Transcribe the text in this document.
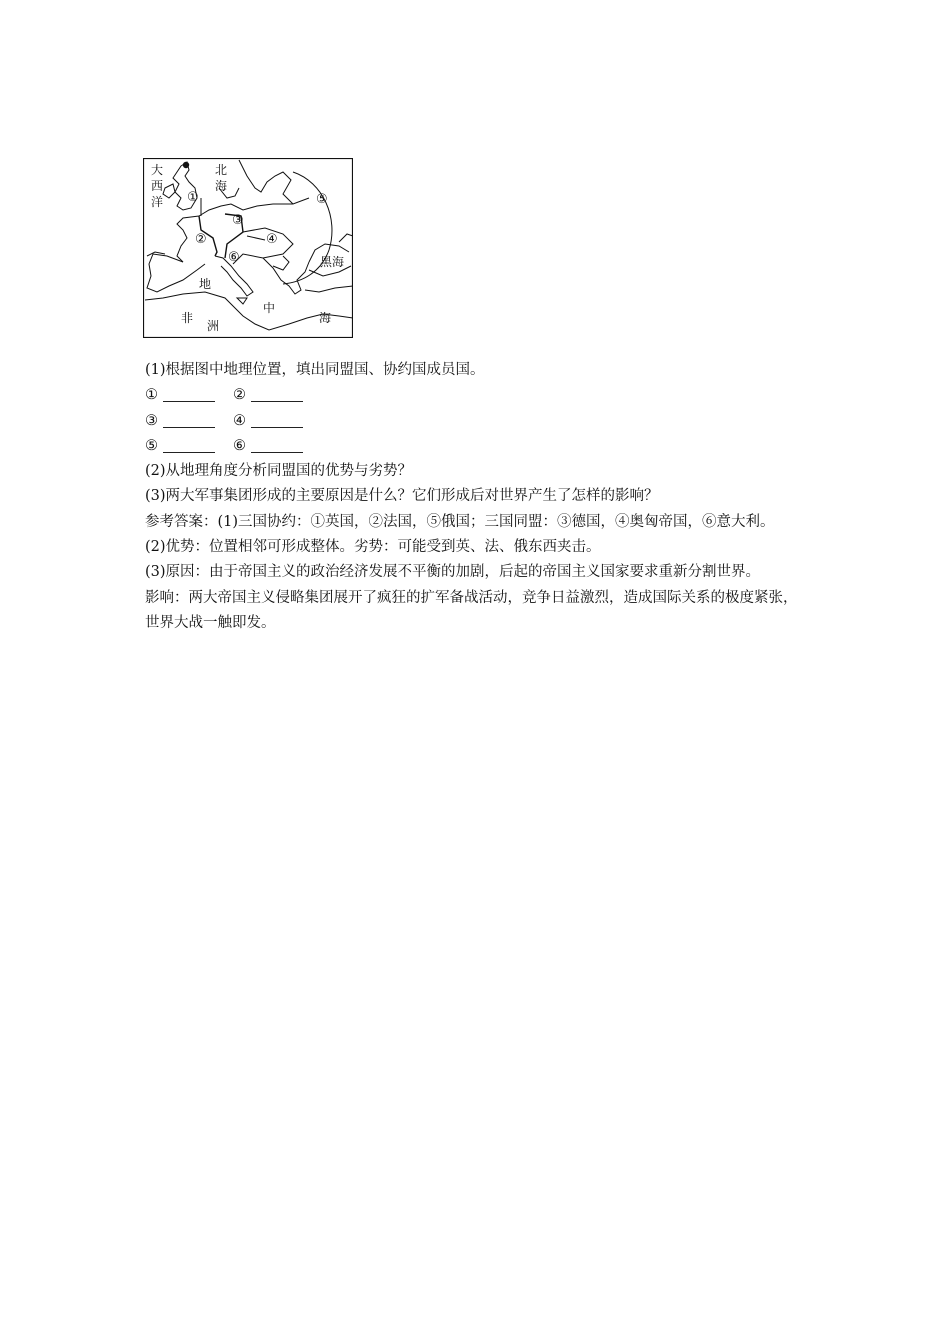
大
西
洋
北
海
黑海
地
中
海
非
洲
①
②
③
④
⑤
⑥
(1)根据图中地理位置，填出同盟国、协约国成员国。
①	②
③	④
⑤	⑥
(2)从地理角度分析同盟国的优势与劣势？
(3)两大军事集团形成的主要原因是什么？它们形成后对世界产生了怎样的影响？
参考答案：(1)三国协约：①英国，②法国，⑤俄国；三国同盟：③德国，④奥匈帝国，⑥意大利。
(2)优势：位置相邻可形成整体。劣势：可能受到英、法、俄东西夹击。
(3)原因：由于帝国主义的政治经济发展不平衡的加剧，后起的帝国主义国家要求重新分割世界。
影响：两大帝国主义侵略集团展开了疯狂的扩军备战活动，竞争日益激烈，造成国际关系的极度紧张，世界大战一触即发。
